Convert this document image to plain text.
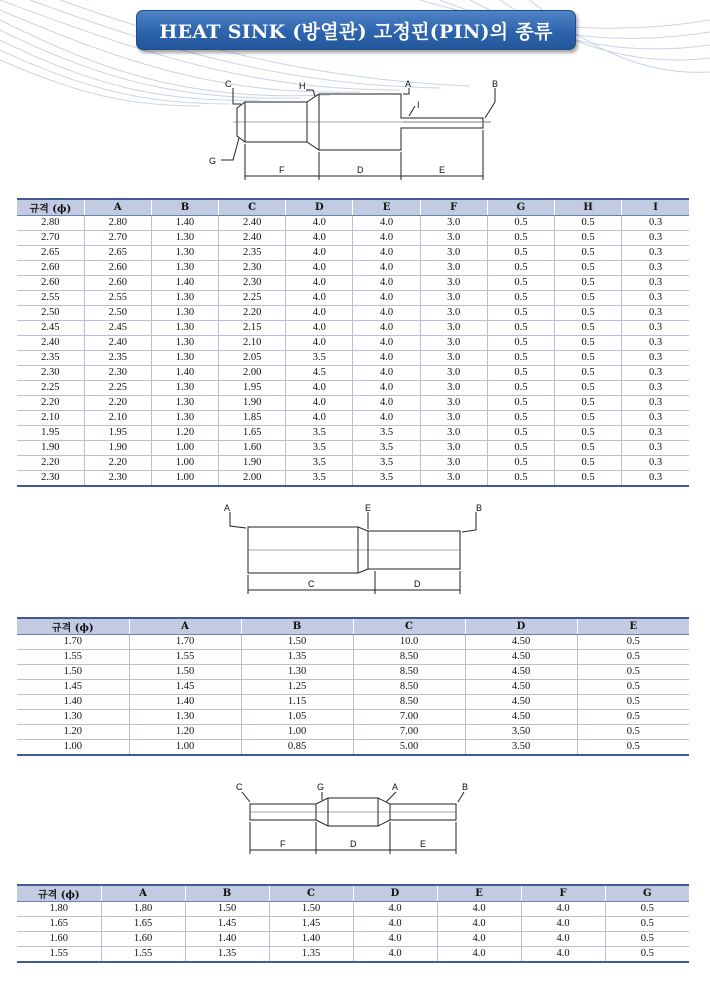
HEAT SINK (방열관) 고정핀(PIN)의 종류
C	H	A
I
B
G
F	D	E
규격 (ϕ)	A	B	C	D	E	F	G	H	I
2.80	2.80	1.40	2.40	4.0	4.0	3.0	0.5	0.5	0.3
2.70	2.70	1.30	2.40	4.0	4.0	3.0	0.5	0.5	0.3
2.65	2.65	1.30	2.35	4.0	4.0	3.0	0.5	0.5	0.3
2.60	2.60	1.30	2.30	4.0	4.0	3.0	0.5	0.5	0.3
2.60	2.60	1.40	2.30	4.0	4.0	3.0	0.5	0.5	0.3
2.55	2.55	1.30	2.25	4.0	4.0	3.0	0.5	0.5	0.3
2.50	2.50	1.30	2.20	4.0	4.0	3.0	0.5	0.5	0.3
2.45	2.45	1.30	2.15	4.0	4.0	3.0	0.5	0.5	0.3
2.40	2.40	1.30	2.10	4.0	4.0	3.0	0.5	0.5	0.3
2.35	2.35	1.30	2.05	3.5	4.0	3.0	0.5	0.5	0.3
2.30	2.30	1.40	2.00	4.5	4.0	3.0	0.5	0.5	0.3
2.25	2.25	1.30	1.95	4.0	4.0	3.0	0.5	0.5	0.3
2.20	2.20	1.30	1.90	4.0	4.0	3.0	0.5	0.5	0.3
2.10	2.10	1.30	1.85	4.0	4.0	3.0	0.5	0.5	0.3
1.95	1.95	1.20	1.65	3.5	3.5	3.0	0.5	0.5	0.3
1.90	1.90	1.00	1.60	3.5	3.5	3.0	0.5	0.5	0.3
2.20	2.20	1.00	1.90	3.5	3.5	3.0	0.5	0.5	0.3
2.30	2.30	1.00	2.00	3.5	3.5	3.0	0.5	0.5	0.3
A	E	B
C	D
규격 (ϕ)	A	B	C	D	E
1.70	1.70	1.50	10.0	4.50	0.5
1.55	1.55	1.35	8.50	4.50	0.5
1.50	1.50	1.30	8.50	4.50	0.5
1.45	1.45	1.25	8.50	4.50	0.5
1.40	1.40	1.15	8.50	4.50	0.5
1.30	1.30	1.05	7.00	4.50	0.5
1.20	1.20	1.00	7.00	3.50	0.5
1.00	1.00	0.85	5.00	3.50	0.5
C	G	A	B
F	D	E
규격 (ϕ)	A	B	C	D	E	F	G
1.80	1.80	1.50	1.50	4.0	4.0	4.0	0.5
1.65	1.65	1.45	1.45	4.0	4.0	4.0	0.5
1.60	1.60	1.40	1.40	4.0	4.0	4.0	0.5
1.55	1.55	1.35	1.35	4.0	4.0	4.0	0.5
